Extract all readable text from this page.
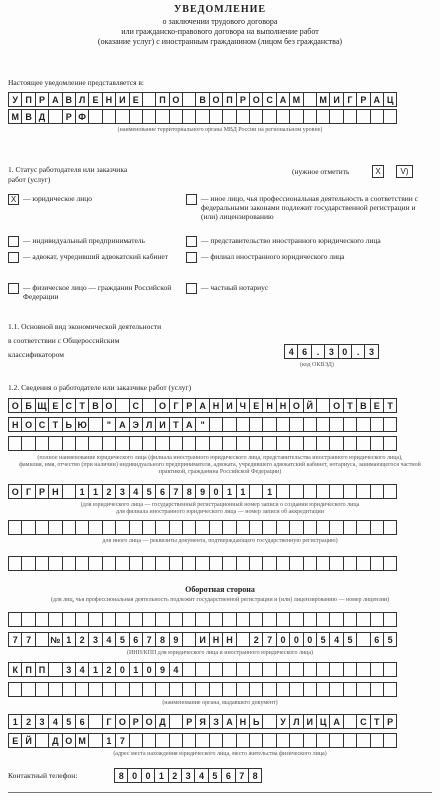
УВЕДОМЛЕНИЕ
о заключении трудового договора
или гражданско-правового договора на выполнение работ
(оказание услуг) с иностранным гражданином (лицом без гражданства)
Настоящее уведомление представляется в:
У П Р А В Л Е Н И Е	П О	В О П Р О С А М	М И Г Р А Ц
М В Д	Р Ф
(наименование территориального органа МВД России на региональном уровне)
1. Статус работодателя или заказчика
работ (услуг)
(нужное отметить	X	V)
X — юридическое лицо
— индивидуальный предприниматель
— адвокат, учредивший адвокатский кабинет
— физическое лицо — гражданин Российской Федерации
— иное лицо, чья профессиональная деятельность в соответствии с федеральными законами подлежит государственной регистрации и (или) лицензированию
— представительство иностранного юридического лица
— филиал иностранного юридического лица
— частный нотариус
1.1. Основной вид экономической деятельности
в соответствии с Общероссийским
классификатором	4 6	.	3 0	.	3
(код ОКВЭД)
1.2. Сведения о работодателе или заказчике работ (услуг)
О Б Щ Е С Т В О	С	О Г Р А Н И Ч Е Н Н О Й	О Т В Е Т
Н О С Т Ь Ю	" А Э Л И Т А "
(полное наименование юридического лица (филиала иностранного юридического лица, представительства иностранного юридического лица),
фамилия, имя, отчество (при наличии) индивидуального предпринимателя, адвоката, учредившего адвокатский кабинет, нотариуса, занимающегося частной практикой, гражданина Российской Федерации)
О Г Р Н	1 1 2 3 4 5 6 7 8 9 0 1 1	1
(для юридического лица — государственный регистрационный номер записи о создании юридического лица
для филиала иностранного юридического лица — номер записи об аккредитации
для иного лица — реквизиты документа, подтверждающего государственную регистрацию)
Оборотная сторона
(для лиц, чья профессиональная деятельность подлежит государственной регистрации и (или) лицензированию — номер лицензии)
7 7	№ 1 2 3 4 5 6 7 8 9	И Н Н	2 7 0 0 0 5 4 5	6 5
(ИНН/КПП для юридического лица и иностранного юридического лица)
К П П	3 4 1 2 0 1 0 9 4
(наименование органа, выдавшего документ)
1 2 3 4 5 6	Г О Р О Д	Р Я З А Н Ь	У Л И Ц А	С Т Р
Е Й	Д О М	1 7
(адрес места нахождения юридического лица, место жительства физического лица)
Контактный телефон:	8 0 0 1 2 3 4 5 6 7 8
